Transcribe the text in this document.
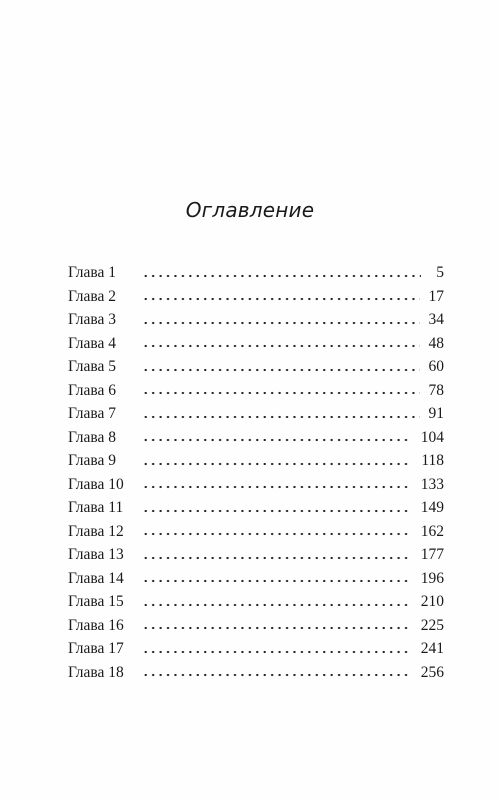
Оглавление
Глава 1	5
Глава 2	17
Глава 3	34
Глава 4	48
Глава 5	60
Глава 6	78
Глава 7	91
Глава 8	104
Глава 9	118
Глава 10	133
Глава 11	149
Глава 12	162
Глава 13	177
Глава 14	196
Глава 15	210
Глава 16	225
Глава 17	241
Глава 18	256
